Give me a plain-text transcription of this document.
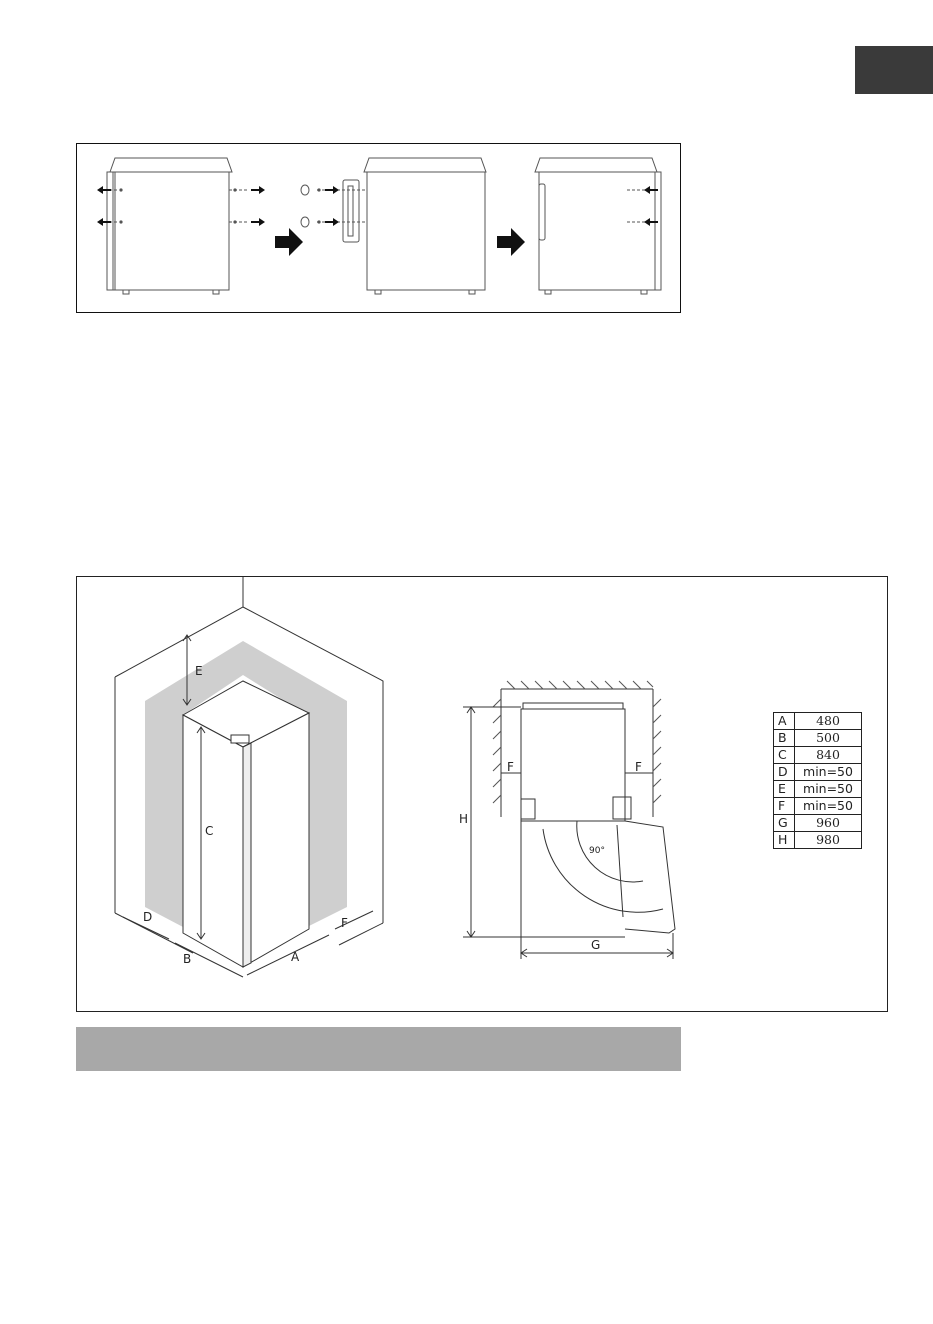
E
C
D
B	A
F
H
F	F
90°
G
A	480
B	500
C	840
D	min=50
E	min=50
F	min=50
G	960
H	980
